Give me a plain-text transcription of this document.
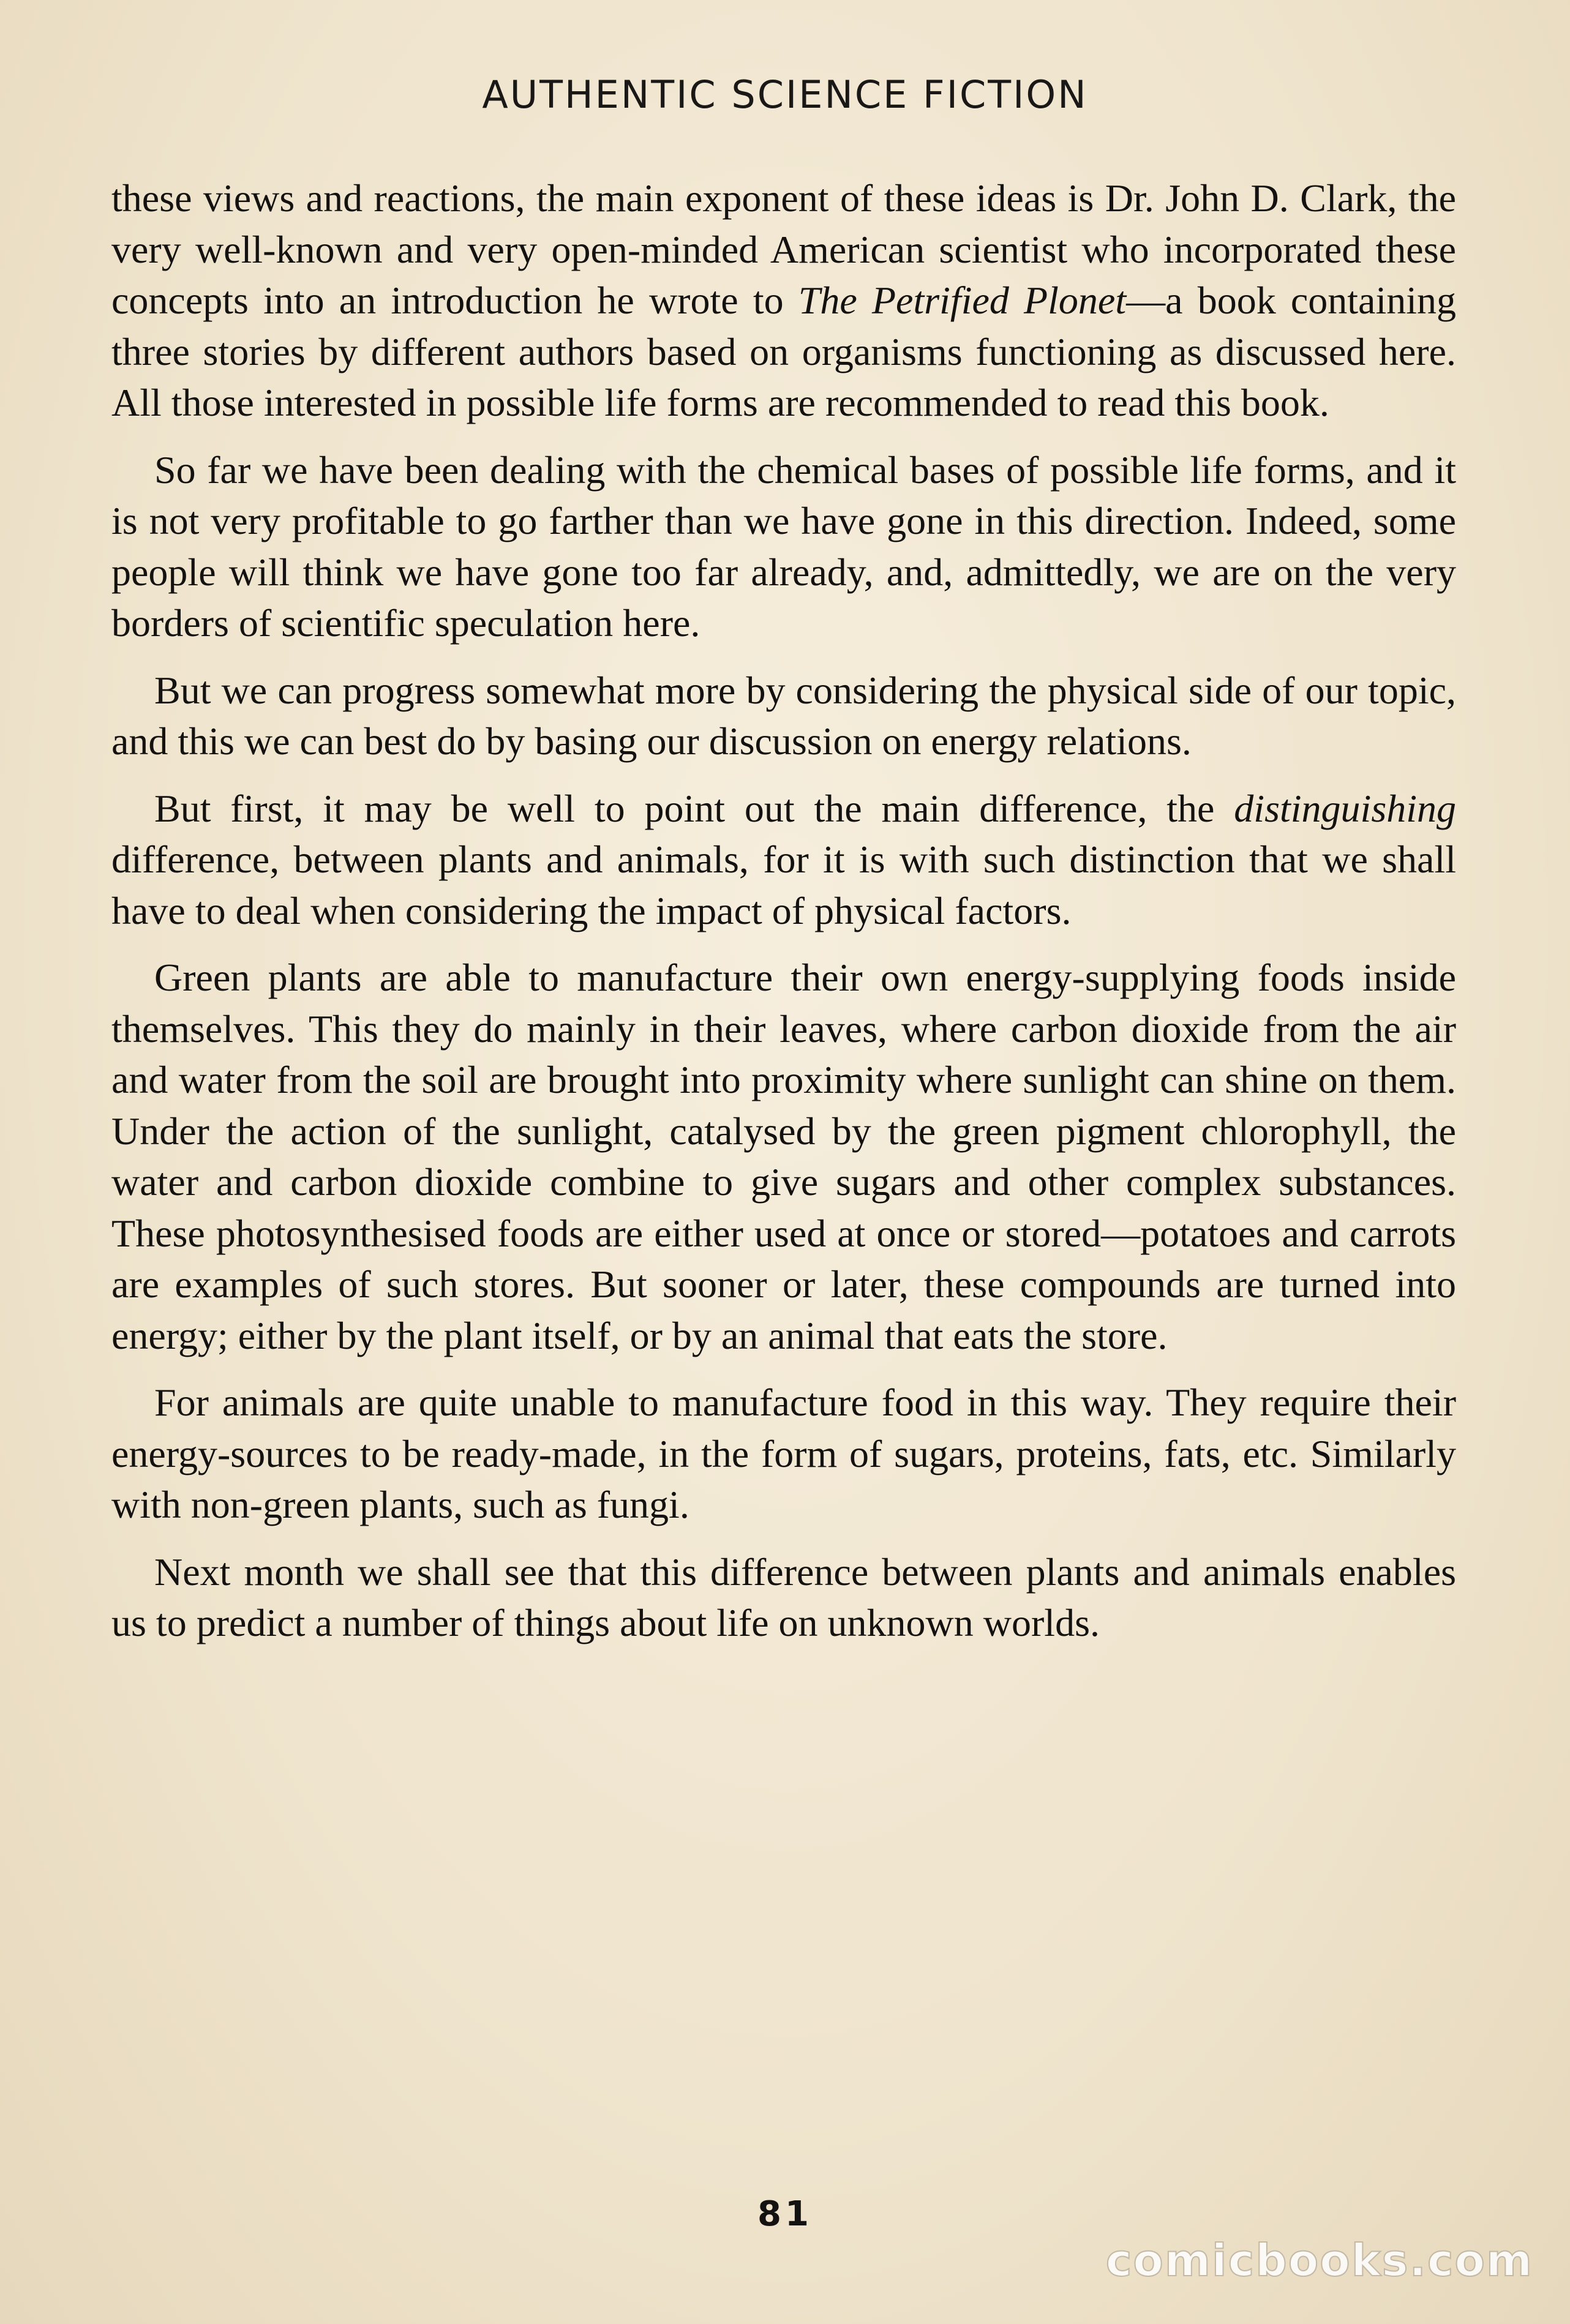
AUTHENTIC SCIENCE FICTION

these views and reactions, the main exponent of these ideas is Dr. John D. Clark, the very well-known and very open-minded American scientist who incorporated these concepts into an introduction he wrote to The Petrified Plonet—a book containing three stories by different authors based on organisms functioning as discussed here. All those interested in possible life forms are recommended to read this book.

So far we have been dealing with the chemical bases of possible life forms, and it is not very profitable to go farther than we have gone in this direction. Indeed, some people will think we have gone too far already, and, admittedly, we are on the very borders of scientific speculation here.

But we can progress somewhat more by considering the physical side of our topic, and this we can best do by basing our discussion on energy relations.

But first, it may be well to point out the main difference, the distinguishing difference, between plants and animals, for it is with such distinction that we shall have to deal when considering the impact of physical factors.

Green plants are able to manufacture their own energy-supplying foods inside themselves. This they do mainly in their leaves, where carbon dioxide from the air and water from the soil are brought into proximity where sunlight can shine on them. Under the action of the sunlight, catalysed by the green pigment chlorophyll, the water and carbon dioxide combine to give sugars and other complex substances. These photosynthesised foods are either used at once or stored—potatoes and carrots are examples of such stores. But sooner or later, these compounds are turned into energy; either by the plant itself, or by an animal that eats the store.

For animals are quite unable to manufacture food in this way. They require their energy-sources to be ready-made, in the form of sugars, proteins, fats, etc. Similarly with non-green plants, such as fungi.

Next month we shall see that this difference between plants and animals enables us to predict a number of things about life on unknown worlds.

81
comicbooks.com
